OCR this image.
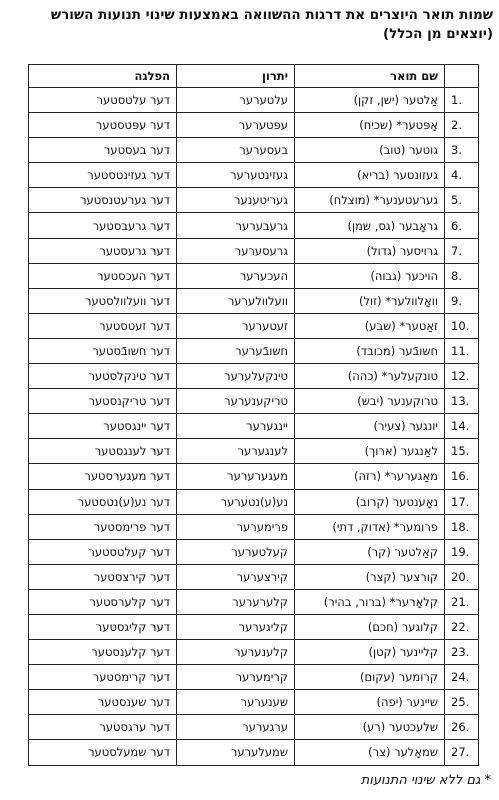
שמות תואר היוצרים את דרגות ההשוואה באמצעות שינוי תנועות השורש (יוצאים מן הכלל)
	שם תואר	יתרון	הפלגה
1.	אַלטער (ישן, זקן)	עלטערער	דער עלטסטער
2.	אָפּטער* (שכיח)	עפּטערער	דער עפּטסטער
3.	גוטער (טוב)	בעסערער	דער בעסטער
4.	געזונטער (בריא)	געזינטערער	דער געזינטסטער
5.	גערעטענער* (מוצלח)	געריטענער	דער גערעטנסטער
6.	גראָבער (גס, שמן)	גרעבערער	דער גרעבסטער
7.	גרויסער (גדול)	גרעסערער	דער גרעסטער
8.	הויכער (גבוה)	העכערער	דער העכסטער
9.	וואָלוולער* (זול)	וועלוולערער	דער וועלוולסטער
10.	זאַטער* (שבע)	זעטערער	דער זעטסטער
11.	חשובֿער (מכובד)	חשובֿערער	דער חשובֿסטער
12.	טונקעלער* (כהה)	טינקעלערער	דער טינקלסטער
13.	טרוקענער (יבש)	טריקענערער	דער טריקנסטער
14.	יונגער (צעיר)	יינגערער	דער יינגסטער
15.	לאַנגער (ארוך)	לענגערער	דער לענגסטער
16.	מאַגערער* (רזה)	מעגערערער	דער מעגערסטער
17.	נאָענטער (קרוב)	נע(ע)נטערער	דער נע(ע)נטסטער
18.	פרומער* (אדוק, דתי)	פרימערער	דער פרימסטער
19.	קאַלטער (קר)	קעלטערער	דער קעלטסטער
20.	קורצער (קצר)	קירצערער	דער קירצסטער
21.	קלאָרער* (ברור, בהיר)	קלערערער	דער קלערסטער
22.	קלוגער (חכם)	קליגערער	דער קליגסטער
23.	קליינער (קטן)	קלענערער	דער קלענסטער
24.	קרומער (עקום)	קרימערער	דער קרימסטער
25.	שיינער (יפה)	שענערער	דער שענסטער
26.	שלעכטער (רע)	ערגערער	דער ערגסטער
27.	שמאָלער (צר)	שמעלערער	דער שמעלסטער
* גם ללא שינוי התנועות
